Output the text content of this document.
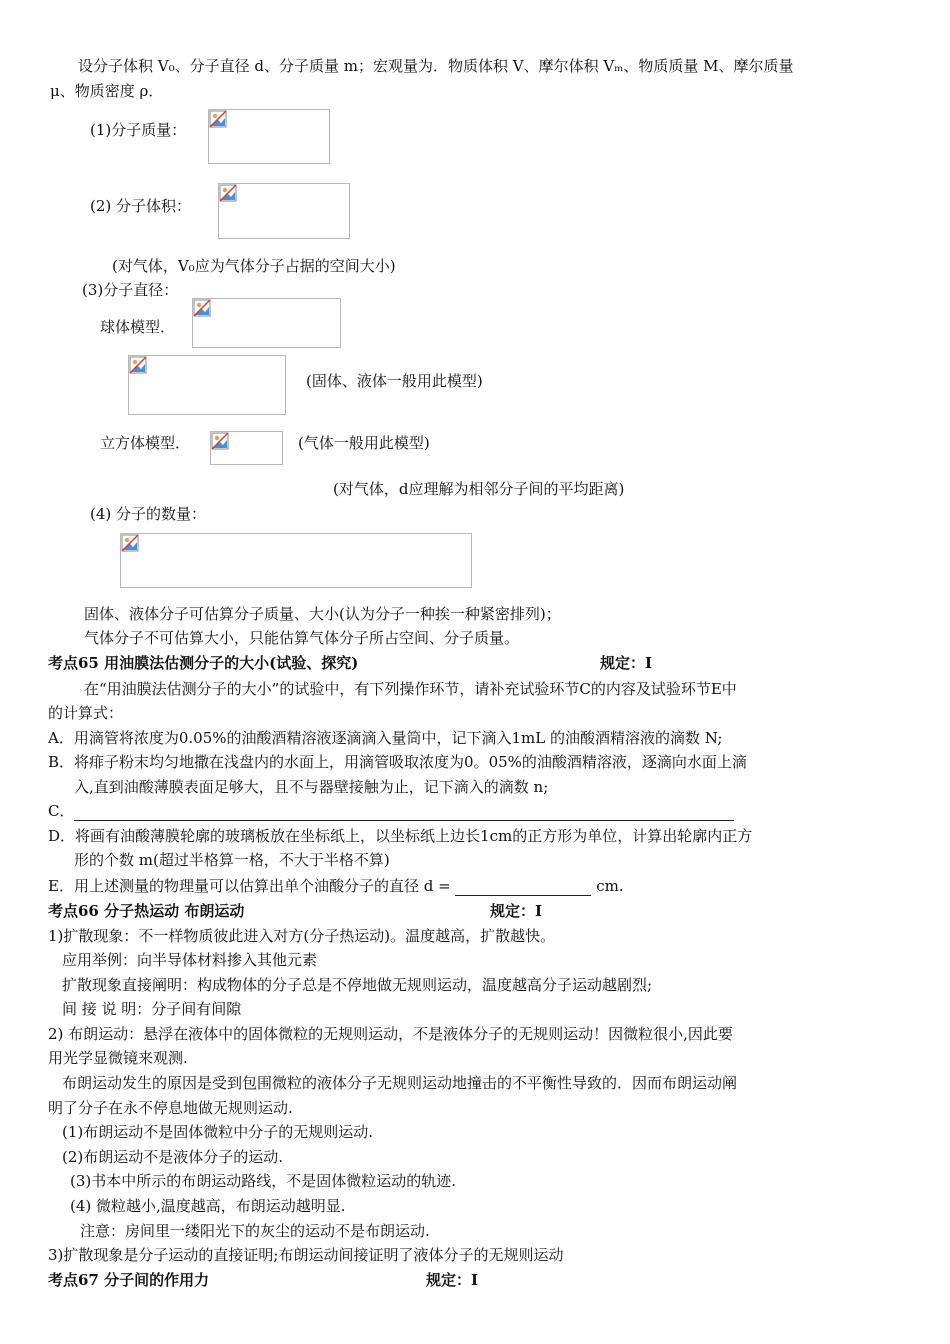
设分子体积 V₀、分子直径 d、分子质量 m；宏观量为．物质体积 V、摩尔体积 Vₘ、物质质量 M、摩尔质量
μ、物质密度 ρ．
(1)分子质量：
(2) 分子体积：
(对气体，V₀应为气体分子占据的空间大小)
(3)分子直径：
球体模型．
(固体、液体一般用此模型)
立方体模型．	(气体一般用此模型)
(对气体，d应理解为相邻分子间的平均距离)
(4) 分子的数量：
固体、液体分子可估算分子质量、大小(认为分子一种挨一种紧密排列)；
气体分子不可估算大小，只能估算气体分子所占空间、分子质量。
考点65 用油膜法估测分子的大小(试验、探究)	规定：Ⅰ
在“用油膜法估测分子的大小”的试验中，有下列操作环节，请补充试验环节C的内容及试验环节E中
的计算式：
A．用滴管将浓度为0.05%的油酸酒精溶液逐滴滴入量筒中，记下滴入1mL 的油酸酒精溶液的滴数 N;
B．将痱子粉末均匀地撒在浅盘内的水面上，用滴管吸取浓度为0。05%的油酸酒精溶液，逐滴向水面上滴
入,直到油酸薄膜表面足够大，且不与器壁接触为止，记下滴入的滴数 n;
C．
D．将画有油酸薄膜轮廓的玻璃板放在坐标纸上，以坐标纸上边长1cm的正方形为单位，计算出轮廓内正方
形的个数 m(超过半格算一格，不大于半格不算)
E．用上述测量的物理量可以估算出单个油酸分子的直径 d =	cm.
考点66 分子热运动 布朗运动	规定：Ⅰ
1)扩散现象：不一样物质彼此进入对方(分子热运动)。温度越高，扩散越快。
应用举例：向半导体材料掺入其他元素
扩散现象直接阐明：构成物体的分子总是不停地做无规则运动，温度越高分子运动越剧烈;
间 接 说 明：分子间有间隙
2) 布朗运动：悬浮在液体中的固体微粒的无规则运动，不是液体分子的无规则运动！因微粒很小,因此要
用光学显微镜来观测.
布朗运动发生的原因是受到包围微粒的液体分子无规则运动地撞击的不平衡性导致的．因而布朗运动阐
明了分子在永不停息地做无规则运动.
(1)布朗运动不是固体微粒中分子的无规则运动.
(2)布朗运动不是液体分子的运动.
(3)书本中所示的布朗运动路线，不是固体微粒运动的轨迹.
(4) 微粒越小,温度越高，布朗运动越明显.
注意：房间里一缕阳光下的灰尘的运动不是布朗运动.
3)扩散现象是分子运动的直接证明;布朗运动间接证明了液体分子的无规则运动
考点67 分子间的作用力	规定：Ⅰ
